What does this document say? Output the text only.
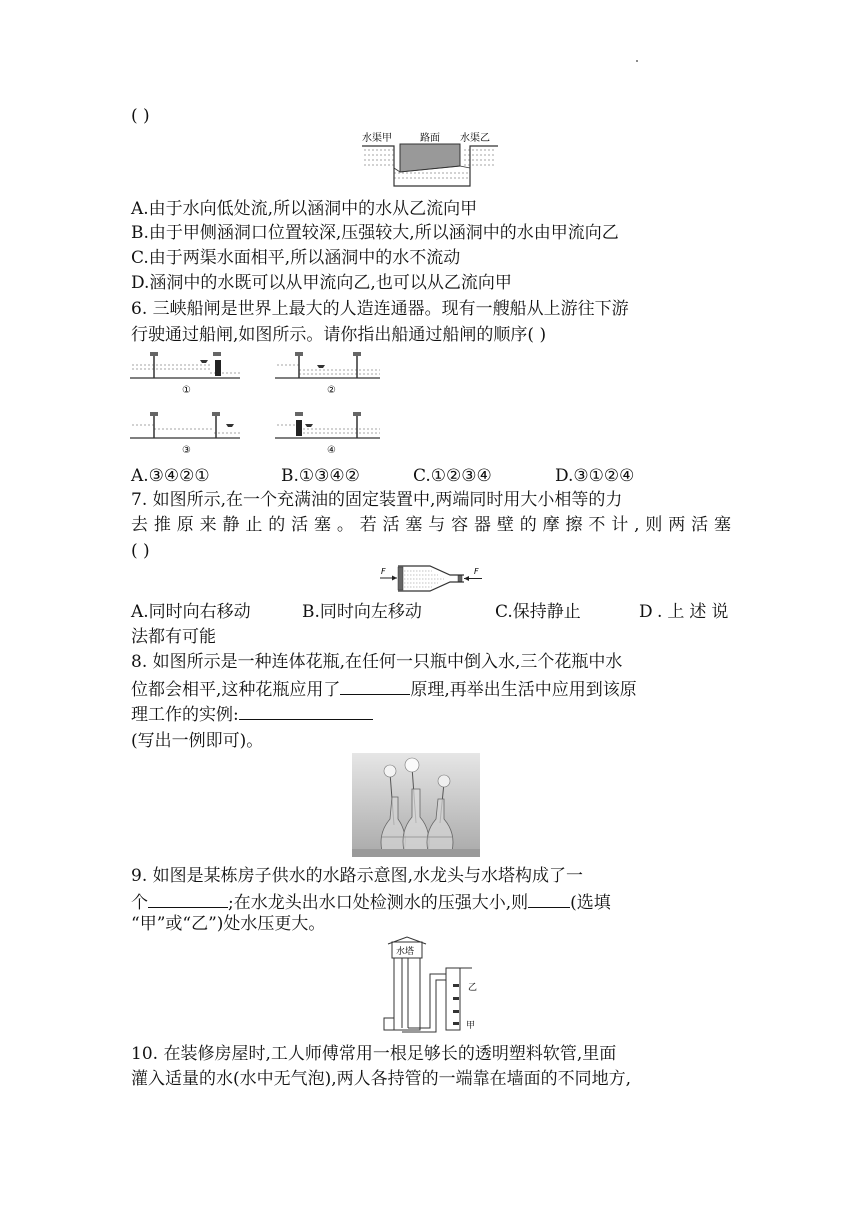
( )
水渠甲	路面 水渠乙
A.由于水向低处流,所以涵洞中的水从乙流向甲
B.由于甲侧涵洞口位置较深,压强较大,所以涵洞中的水由甲流向乙
C.由于两渠水面相平,所以涵洞中的水不流动
D.涵洞中的水既可以从甲流向乙,也可以从乙流向甲
6. 三峡船闸是世界上最大的人造连通器。现有一艘船从上游往下游
行驶通过船闸,如图所示。请你指出船通过船闸的顺序( )
①	②
③	④
A.③④②①	B.①③④②	C.①②③④	D.③①②④
7. 如图所示,在一个充满油的固定装置中,两端同时用大小相等的力
去推原来静止的活塞。若活塞与容器壁的摩擦不计,则两活塞
( )
F	F
A.同时向右移动	B.同时向左移动	C.保持静止	D.上述说
法都有可能
8. 如图所示是一种连体花瓶,在任何一只瓶中倒入水,三个花瓶中水
位都会相平,这种花瓶应用了	原理,再举出生活中应用到该原
理工作的实例:
(写出一例即可)。
9. 如图是某栋房子供水的水路示意图,水龙头与水塔构成了一
个	;在水龙头出水口处检测水的压强大小,则 (选填
“甲”或“乙”)处水压更大。
水塔
乙
甲
10. 在装修房屋时,工人师傅常用一根足够长的透明塑料软管,里面
灌入适量的水(水中无气泡),两人各持管的一端靠在墙面的不同地方,
